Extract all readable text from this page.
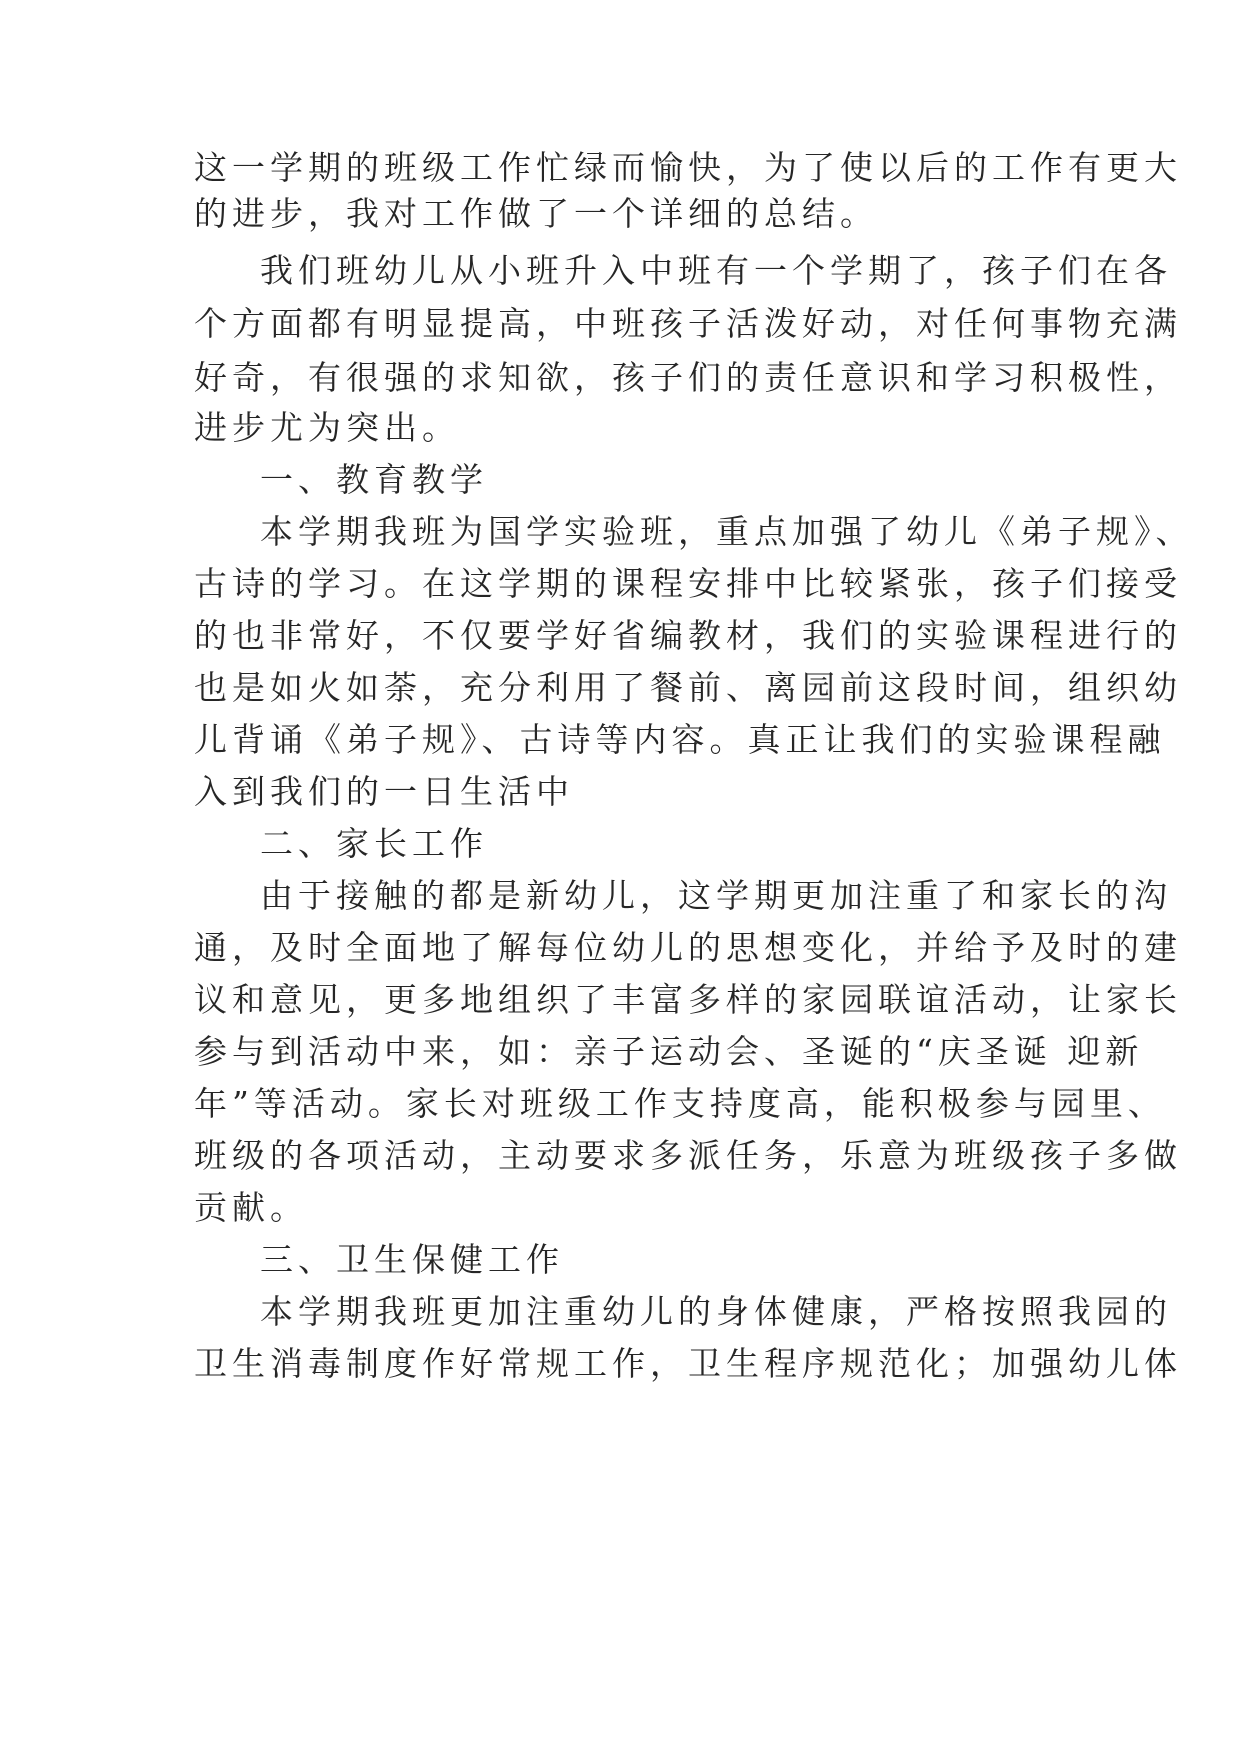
这一学期的班级工作忙绿而愉快，为了使以后的工作有更大

的进步，我对工作做了一个详细的总结。

我们班幼儿从小班升入中班有一个学期了，孩子们在各

个方面都有明显提高，中班孩子活泼好动，对任何事物充满

好奇，有很强的求知欲，孩子们的责任意识和学习积极性，

进步尤为突出。

一、教育教学

本学期我班为国学实验班，重点加强了幼儿《弟子规》、

古诗的学习。在这学期的课程安排中比较紧张，孩子们接受

的也非常好，不仅要学好省编教材，我们的实验课程进行的

也是如火如荼，充分利用了餐前、离园前这段时间，组织幼

儿背诵《弟子规》、古诗等内容。真正让我们的实验课程融

入到我们的一日生活中

二、家长工作

由于接触的都是新幼儿，这学期更加注重了和家长的沟

通，及时全面地了解每位幼儿的思想变化，并给予及时的建

议和意见，更多地组织了丰富多样的家园联谊活动，让家长

参与到活动中来，如：亲子运动会、圣诞的“庆圣诞 迎新

年”等活动。家长对班级工作支持度高，能积极参与园里、

班级的各项活动，主动要求多派任务，乐意为班级孩子多做

贡献。

三、卫生保健工作

本学期我班更加注重幼儿的身体健康，严格按照我园的

卫生消毒制度作好常规工作，卫生程序规范化；加强幼儿体
